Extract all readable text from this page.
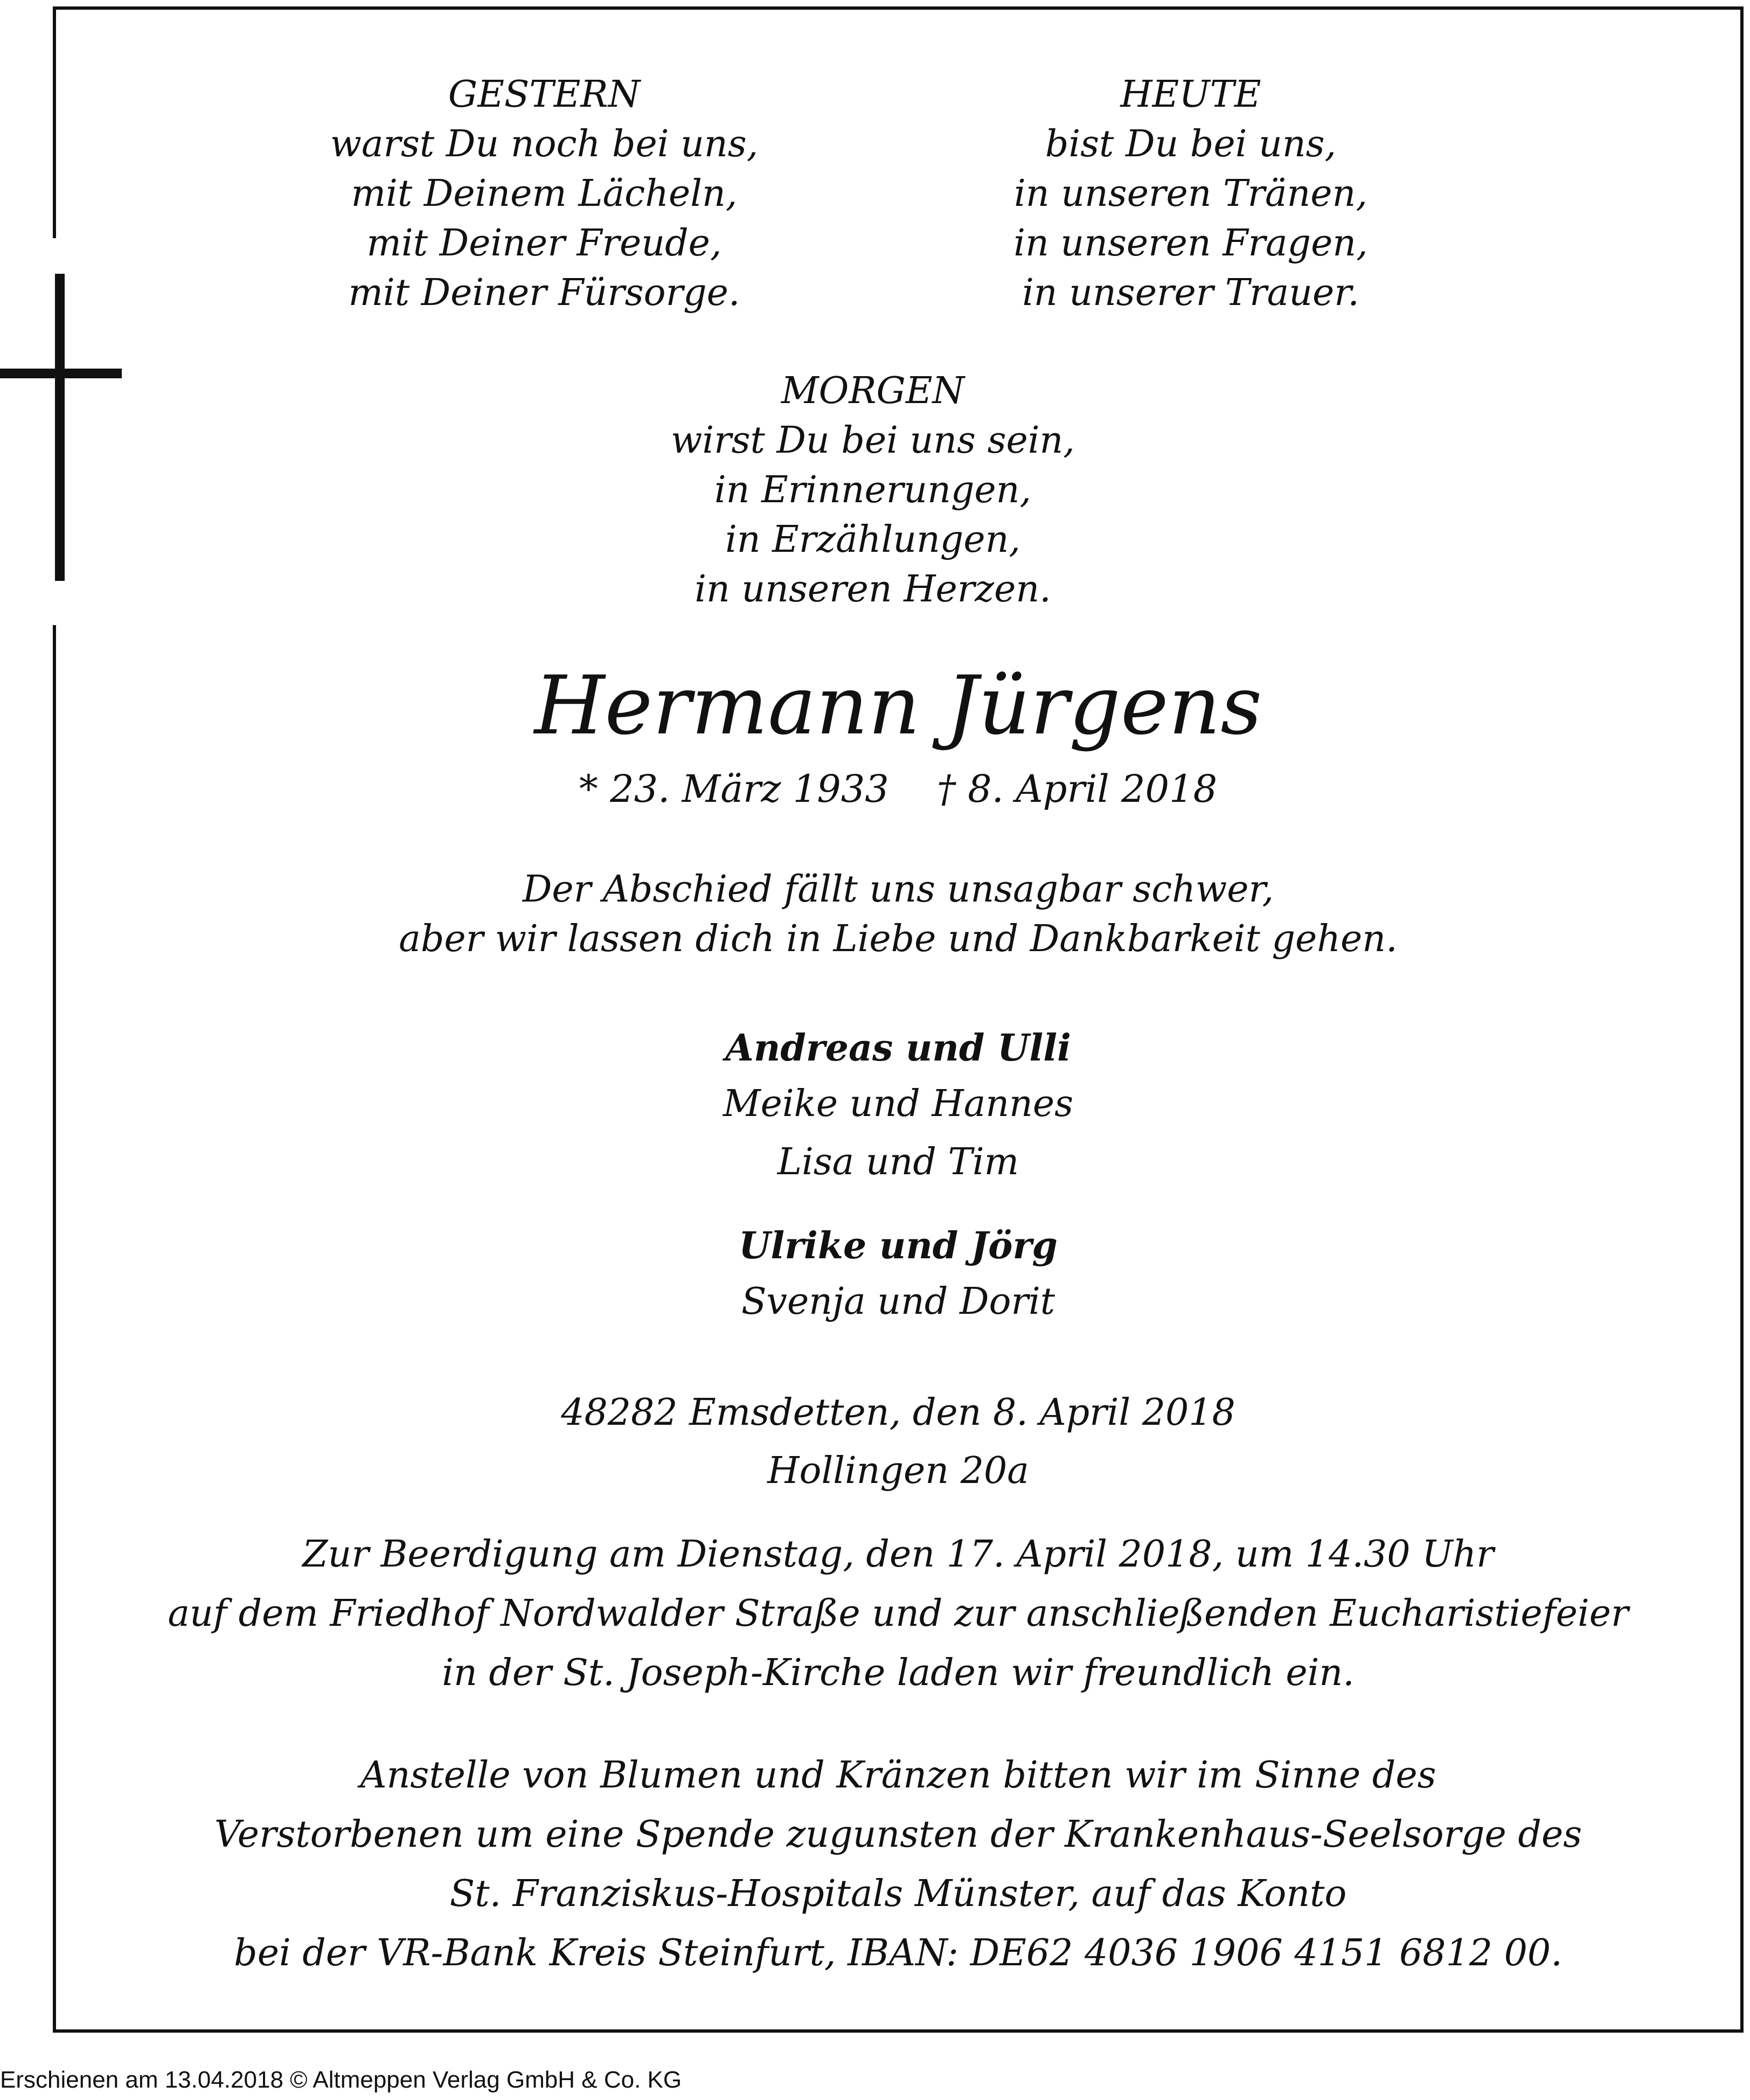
GESTERN
warst Du noch bei uns,
mit Deinem Lächeln,
mit Deiner Freude,
mit Deiner Fürsorge.
HEUTE
bist Du bei uns,
in unseren Tränen,
in unseren Fragen,
in unserer Trauer.
MORGEN
wirst Du bei uns sein,
in Erinnerungen,
in Erzählungen,
in unseren Herzen.
Hermann Jürgens
* 23. März 1933    † 8. April 2018
Der Abschied fällt uns unsagbar schwer,
aber wir lassen dich in Liebe und Dankbarkeit gehen.
Andreas und Ulli
Meike und Hannes
Lisa und Tim
Ulrike und Jörg
Svenja und Dorit
48282 Emsdetten, den 8. April 2018
Hollingen 20a
Zur Beerdigung am Dienstag, den 17. April 2018, um 14.30 Uhr
auf dem Friedhof Nordwalder Straße und zur anschließenden Eucharistiefeier
in der St. Joseph-Kirche laden wir freundlich ein.
Anstelle von Blumen und Kränzen bitten wir im Sinne des
Verstorbenen um eine Spende zugunsten der Krankenhaus-Seelsorge des
St. Franziskus-Hospitals Münster, auf das Konto
bei der VR-Bank Kreis Steinfurt, IBAN: DE62 4036 1906 4151 6812 00.
Erschienen am 13.04.2018 © Altmeppen Verlag GmbH & Co. KG
